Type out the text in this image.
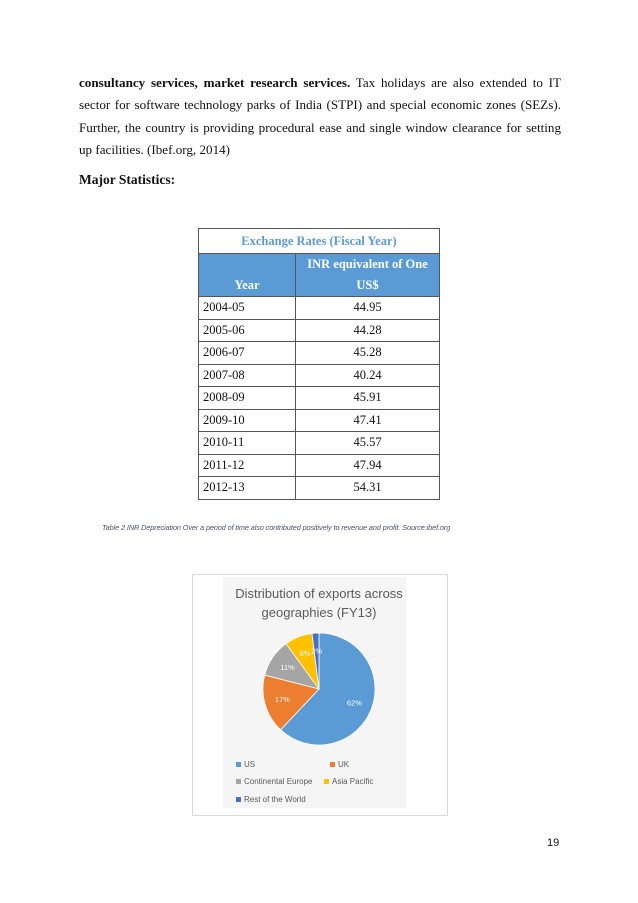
consultancy services, market research services. Tax holidays are also extended to IT sector for software technology parks of India (STPI) and special economic zones (SEZs). Further, the country is providing procedural ease and single window clearance for setting up facilities. (Ibef.org, 2014)

Major Statistics:

Exchange Rates (Fiscal Year)	
	INR equivalent of One
Year	US$
2004-05	44.95
2005-06	44.28
2006-07	45.28
2007-08	40.24
2008-09	45.91
2009-10	47.41
2010-11	45.57
2011-12	47.94
2012-13	54.31
Table 2 INR Depreciation Over a period of time also contributed positively to revenue and profit. Source:ibef.org
Distribution of exports across
geographies (FY13)
62%
17%
11%
8% 2%
US	UK
Continental Europe	Asia Pacific
Rest of the World
19
